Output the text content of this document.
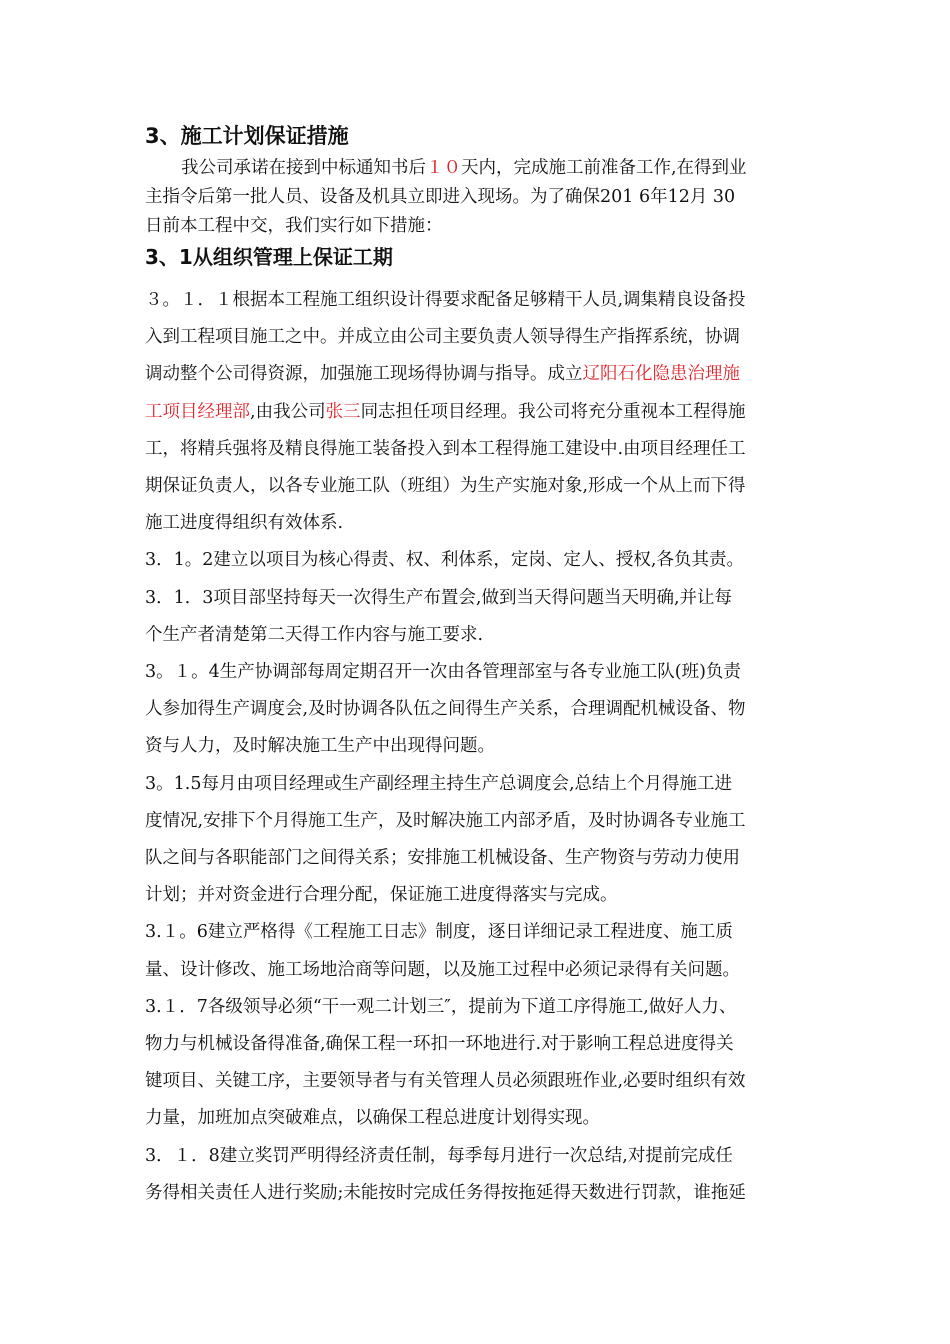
3、施工计划保证措施
我公司承诺在接到中标通知书后１０天内，完成施工前准备工作,在得到业
主指令后第一批人员、设备及机具立即进入现场。为了确保201 6年12月 30
日前本工程中交，我们实行如下措施：
3、1从组织管理上保证工期
３。１．１根据本工程施工组织设计得要求配备足够精干人员,调集精良设备投
入到工程项目施工之中。并成立由公司主要负责人领导得生产指挥系统，协调
调动整个公司得资源，加强施工现场得协调与指导。成立辽阳石化隐患治理施
工项目经理部,由我公司张三同志担任项目经理。我公司将充分重视本工程得施
工，将精兵强将及精良得施工装备投入到本工程得施工建设中.由项目经理任工
期保证负责人，以各专业施工队（班组）为生产实施对象,形成一个从上而下得
施工进度得组织有效体系.
3．1。2建立以项目为核心得责、权、利体系，定岗、定人、授权,各负其责。
3．1．3项目部坚持每天一次得生产布置会,做到当天得问题当天明确,并让每
个生产者清楚第二天得工作内容与施工要求.
3。１。4生产协调部每周定期召开一次由各管理部室与各专业施工队(班)负责
人参加得生产调度会,及时协调各队伍之间得生产关系，合理调配机械设备、物
资与人力，及时解决施工生产中出现得问题。
3。1.5每月由项目经理或生产副经理主持生产总调度会,总结上个月得施工进
度情况,安排下个月得施工生产，及时解决施工内部矛盾，及时协调各专业施工
队之间与各职能部门之间得关系；安排施工机械设备、生产物资与劳动力使用
计划；并对资金进行合理分配，保证施工进度得落实与完成。
3.１。6建立严格得《工程施工日志》制度，逐日详细记录工程进度、施工质
量、设计修改、施工场地洽商等问题，以及施工过程中必须记录得有关问题。
3.１．7各级领导必须“干一观二计划三″，提前为下道工序得施工,做好人力、
物力与机械设备得准备,确保工程一环扣一环地进行.对于影响工程总进度得关
键项目、关键工序，主要领导者与有关管理人员必须跟班作业,必要时组织有效
力量，加班加点突破难点，以确保工程总进度计划得实现。
3．１．8建立奖罚严明得经济责任制，每季每月进行一次总结,对提前完成任
务得相关责任人进行奖励;未能按时完成任务得按拖延得天数进行罚款，谁拖延
